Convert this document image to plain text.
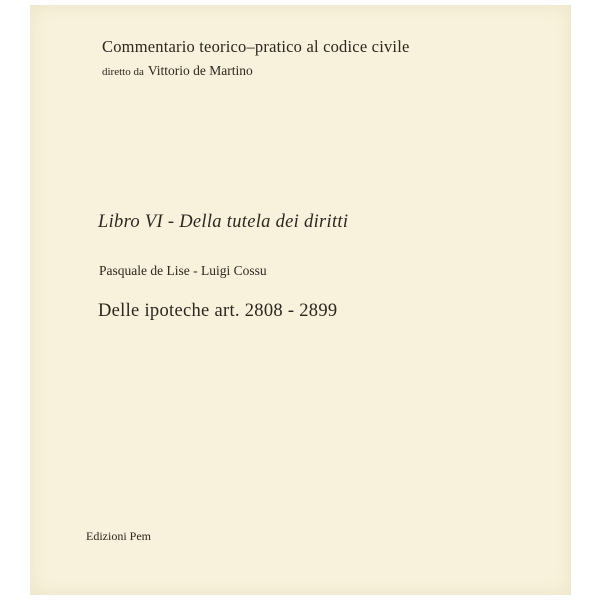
Commentario teorico–pratico al codice civile
diretto da Vittorio de Martino
Libro VI - Della tutela dei diritti
Pasquale de Lise - Luigi Cossu
Delle ipoteche art. 2808 - 2899
Edizioni Pem
